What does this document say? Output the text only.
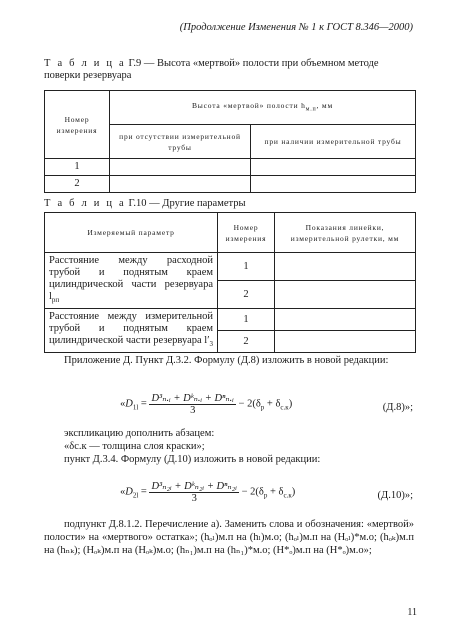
(Продолжение Изменения № 1 к ГОСТ 8.346—2000)
Т а б л и ц а Г.9 — Высота «мертвой» полости при объемном методе поверки резервуара
Номер измерения	Высота «мертвой» полости $h_{м.п}$, мм	
	при отсутствии измерительной трубы	при наличии измерительной трубы
1		
2		

Т а б л и ц а Г.10 — Другие параметры
Измеряемый параметр	Номер измерения	Показания линейки, измерительной рулетки, мм
Расстояние между расходной трубой и поднятым краем цилиндрической части резервуара $l_{рп}$	1	
	2	
Расстояние между измерительной трубой и поднятым краем цилиндрической части резервуара $l'_3$	1	
	2	
Приложение Д. Пункт Д.3.2. Формулу (Д.8) изложить в новой редакции:
«$D_{1l} = \frac{\text{D³ₙ.ᵢ + Dᵏₙ.ᵢ + Dⁿₙ.ᵢ}}{3} - 2(\delta_p + \delta_{с.к})$	(Д.8)»;
экспликацию дополнить абзацем:
«δс.к — толщина слоя краски»;
пункт Д.3.4. Формулу (Д.10) изложить в новой редакции:
«$D_{2l} = \frac{\text{D³ₙ₂ᵢ + Dᵏₙ₂ᵢ + Dⁿₙ₂ᵢ}}{3} - 2(\delta_p + \delta_{с.к})$	(Д.10)»;
подпункт Д.8.1.2. Перечисление а). Заменить слова и обозначения: «мертвой» полости» на «мертвого» остатка»; (hₒₗ)м.п на (hₗ)м.о; (hₒₗ)м.п на (Hₒₗ)*м.о; (hₒₖ)м.п на (hₙₖ); (Hₒₖ)м.п на (Hₒₖ)м.о; (hₙ₁)м.п на (hₙ₁)*м.о; (H*ₒ)м.п на (H*ₒ)м.о»;
11
